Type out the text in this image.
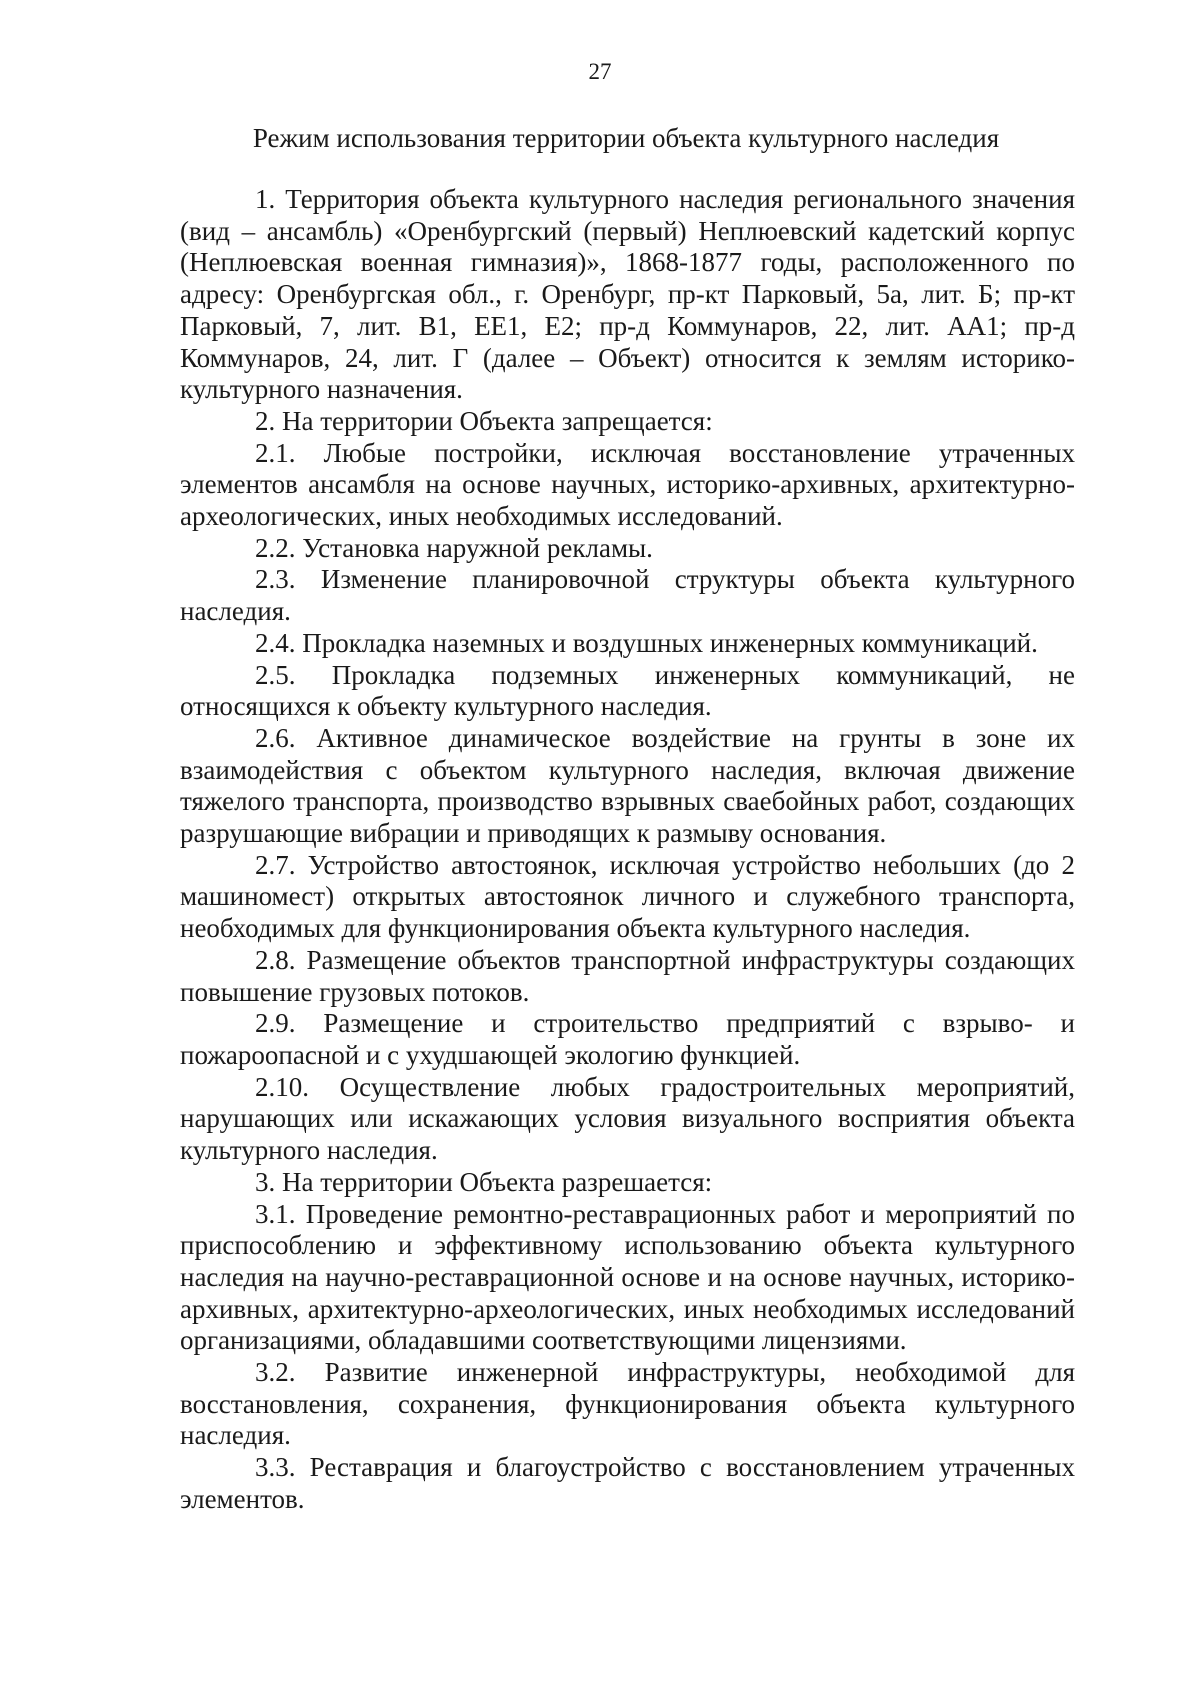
27
Режим использования территории объекта культурного наследия

1. Территория объекта культурного наследия регионального значения (вид – ансамбль) «Оренбургский (первый) Неплюевский кадетский корпус (Неплюевская военная гимназия)», 1868-1877 годы, расположенного по адресу: Оренбургская обл., г. Оренбург, пр-кт Парковый, 5а, лит. Б; пр-кт Парковый, 7, лит. В1, ЕЕ1, Е2; пр-д Коммунаров, 22, лит. АА1; пр-д Коммунаров, 24, лит. Г (далее – Объект) относится к землям историко-культурного назначения.

2. На территории Объекта запрещается:

2.1. Любые постройки, исключая восстановление утраченных элементов ансамбля на основе научных, историко-архивных, архитектурно-археологических, иных необходимых исследований.

2.2. Установка наружной рекламы.

2.3. Изменение планировочной структуры объекта культурного наследия.

2.4. Прокладка наземных и воздушных инженерных коммуникаций.

2.5. Прокладка подземных инженерных коммуникаций, не относящихся к объекту культурного наследия.

2.6. Активное динамическое воздействие на грунты в зоне их взаимодействия с объектом культурного наследия, включая движение тяжелого транспорта, производство взрывных сваебойных работ, создающих разрушающие вибрации и приводящих к размыву основания.

2.7. Устройство автостоянок, исключая устройство небольших (до 2 машиномест) открытых автостоянок личного и служебного транспорта, необходимых для функционирования объекта культурного наследия.

2.8. Размещение объектов транспортной инфраструктуры создающих повышение грузовых потоков.

2.9. Размещение и строительство предприятий с взрыво- и пожароопасной и с ухудшающей экологию функцией.

2.10. Осуществление любых градостроительных мероприятий, нарушающих или искажающих условия визуального восприятия объекта культурного наследия.

3. На территории Объекта разрешается:

3.1. Проведение ремонтно-реставрационных работ и мероприятий по приспособлению и эффективному использованию объекта культурного наследия на научно-реставрационной основе и на основе научных, историко-архивных, архитектурно-археологических, иных необходимых исследований организациями, обладавшими соответствующими лицензиями.

3.2. Развитие инженерной инфраструктуры, необходимой для восстановления, сохранения, функционирования объекта культурного наследия.

3.3. Реставрация и благоустройство с восстановлением утраченных элементов.
